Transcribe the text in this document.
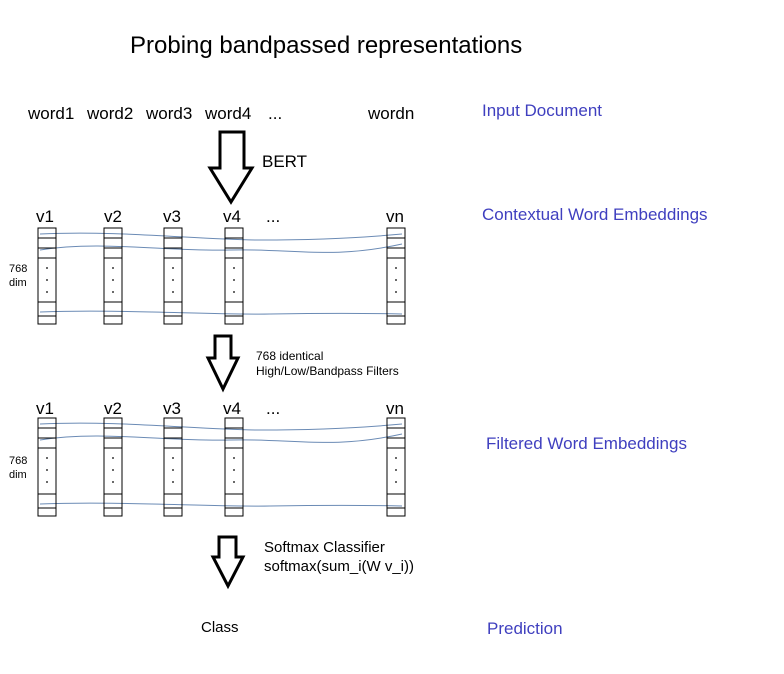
Probing bandpassed representations
word1 word2 word3 word4 ...	wordn	Input Document
Contextual Word Embeddings
Filtered Word Embeddings
Prediction
BERT
768 identical
High/Low/Bandpass Filters
Softmax Classifier
softmax(sum_i(W v_i))
v1	v2 v3 v4 ...	vn
v1	v2 v3 v4 ...	vn
768
dim
768
dim
Class
